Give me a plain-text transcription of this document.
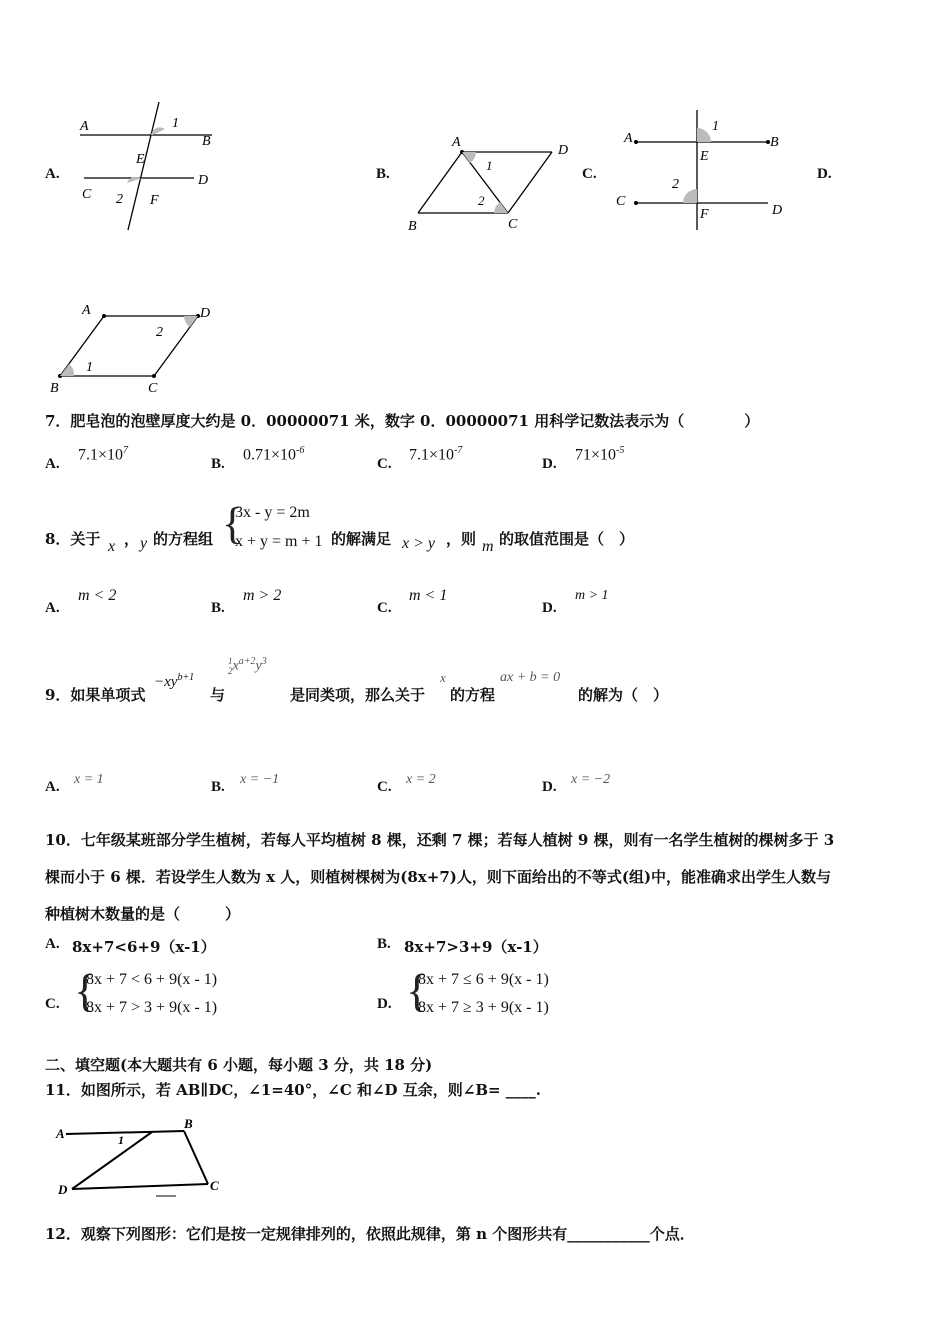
A.	B.	C.	D.
A
B
1
E
C
D
2 F
A
D
1
2
B	C
A	B
1
E
C
2
F	D
A	D
2
1
B	C
7．肥皂泡的泡壁厚度大约是 0．00000071 米，数字 0．00000071 用科学记数法表示为（　　　　）
A.
$7.1\times 10^7$
B.
$0.71\times 10^{-6}$
C.
$7.1\times 10^{-7}$
D.
$71\times 10^{-5}$
8．关于 x ， y 的方程组 {
3x - y = 2m
x + y = m + 1 的解满足 x > y ，则 m 的取值范围是（　）
A.
m < 2
B.
m > 2
C.
m < 1
D.
m > 1
9．如果单项式
$-xy^{b+1}$
与
1
$2x^{a+2}y^3$
是同类项，那么关于
x
的方程
ax + b = 0
的解为（　）
A. x = 1	B. x = −1	C. x = 2	D. x = −2
10．七年级某班部分学生植树，若每人平均植树 8 棵，还剩 7 棵；若每人植树 9 棵，则有一名学生植树的棵树多于 3
棵而小于 6 棵．若设学生人数为 x 人，则植树棵树为(8x+7)人，则下面给出的不等式(组)中，能准确求出学生人数与
种植树木数量的是（　　　）
A. 8x+7<6+9（x-1）	B. 8x+7>3+9（x-1）
C. {
8x + 7 < 6 + 9(x - 1)
8x + 7 > 3 + 9(x - 1)	D. {
8x + 7 ≤ 6 + 9(x - 1)
8x + 7 ≥ 3 + 9(x - 1)
二、填空题(本大题共有 6 小题，每小题 3 分，共 18 分)
11．如图所示，若 AB∥DC，∠1=40°，∠C 和∠D 互余，则∠B= ____.
A
B
1
D	C
12．观察下列图形：它们是按一定规律排列的，依照此规律，第 n 个图形共有___________个点．
